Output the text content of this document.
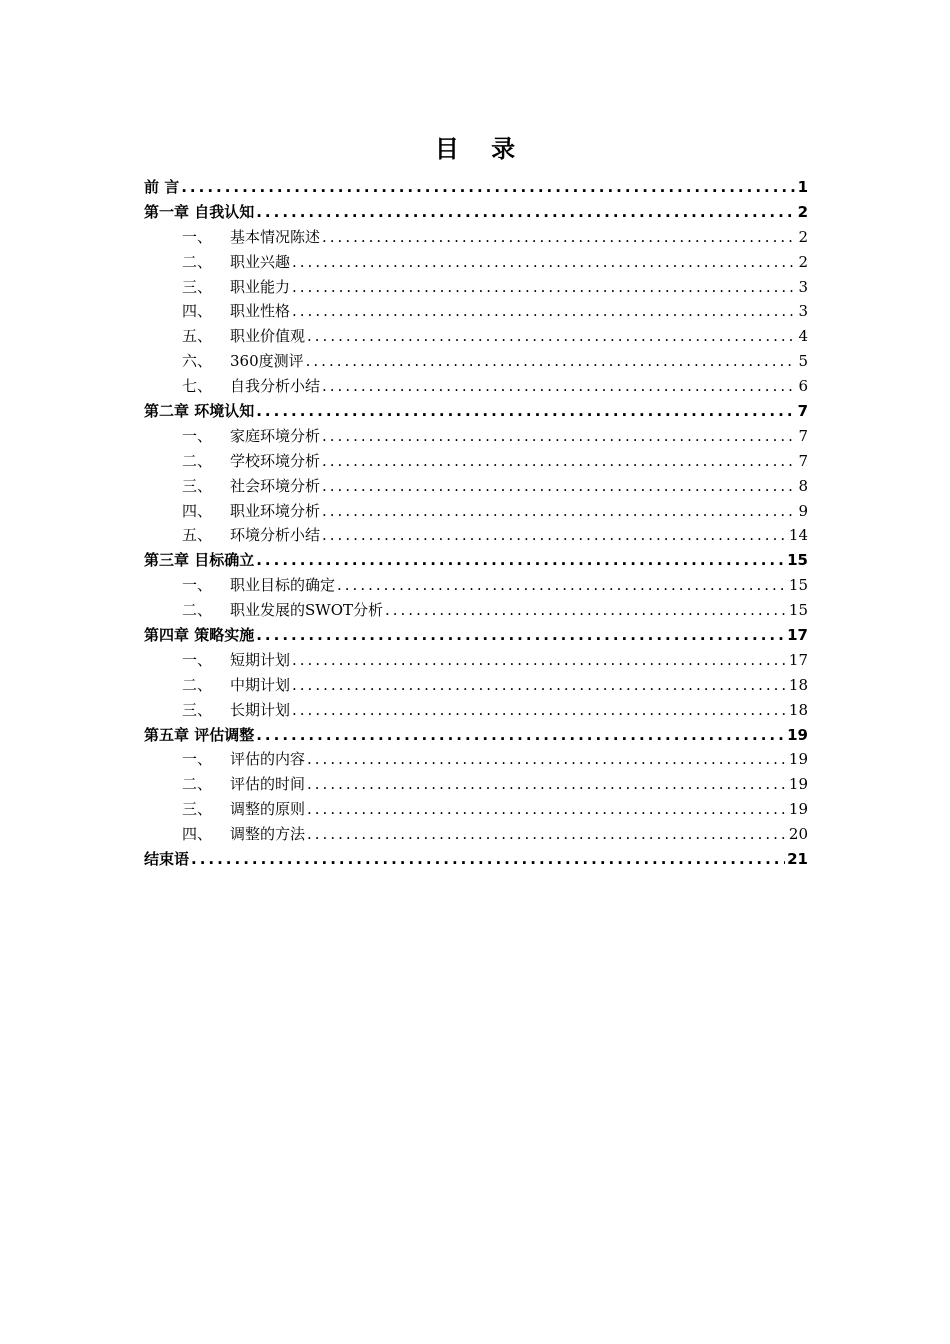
目 录
前 言 .....	1
第一章 自我认知 .....	2
一、	基本情况陈述 .....	2
二、	职业兴趣 .....	2
三、	职业能力 .....	3
四、	职业性格 .....	3
五、	职业价值观 .....	4
六、	360度测评 .....	5
七、	自我分析小结 .....	6
第二章 环境认知 .....	7
一、	家庭环境分析 .....	7
二、	学校环境分析 .....	7
三、	社会环境分析 .....	8
四、	职业环境分析 .....	9
五、	环境分析小结 .....	14
第三章 目标确立 .....	15
一、	职业目标的确定 .....	15
二、	职业发展的SWOT分析 .....	15
第四章 策略实施 .....	17
一、	短期计划 .....	17
二、	中期计划 .....	18
三、	长期计划 .....	18
第五章 评估调整 .....	19
一、	评估的内容 .....	19
二、	评估的时间 .....	19
三、	调整的原则 .....	19
四、	调整的方法 .....	20
结束语 .....	21
